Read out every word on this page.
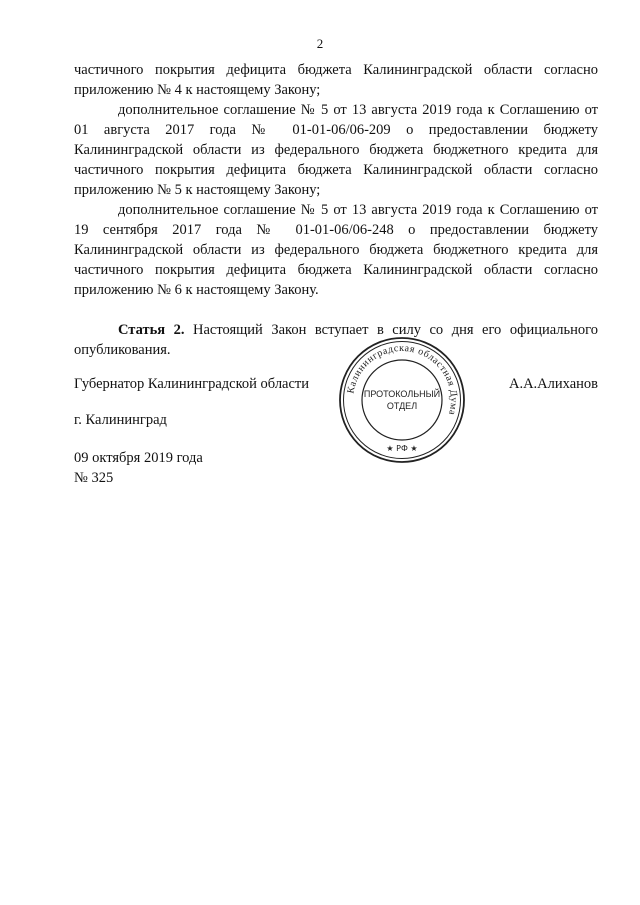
2

частичного покрытия дефицита бюджета Калининградской области согласно приложению № 4 к настоящему Закону;

дополнительное соглашение № 5 от 13 августа 2019 года к Соглашению от 01 августа 2017 года № 01-01-06/06-209 о предоставлении бюджету Калининградской области из федерального бюджета бюджетного кредита для частичного покрытия дефицита бюджета Калининградской области согласно приложению № 5 к настоящему Закону;

дополнительное соглашение № 5 от 13 августа 2019 года к Соглашению от 19 сентября 2017 года № 01-01-06/06-248 о предоставлении бюджету Калининградской области из федерального бюджета бюджетного кредита для частичного покрытия дефицита бюджета Калининградской области согласно приложению № 6 к настоящему Закону.

Статья 2. Настоящий Закон вступает в силу со дня его официального опубликования.

Губернатор Калининградской области	А.А.Алиханов
г. Калининград
09 октября 2019 года
№ 325
Калининградская областная Дума
ПРОТОКОЛЬНЫЙ
ОТДЕЛ
★ РФ ★
